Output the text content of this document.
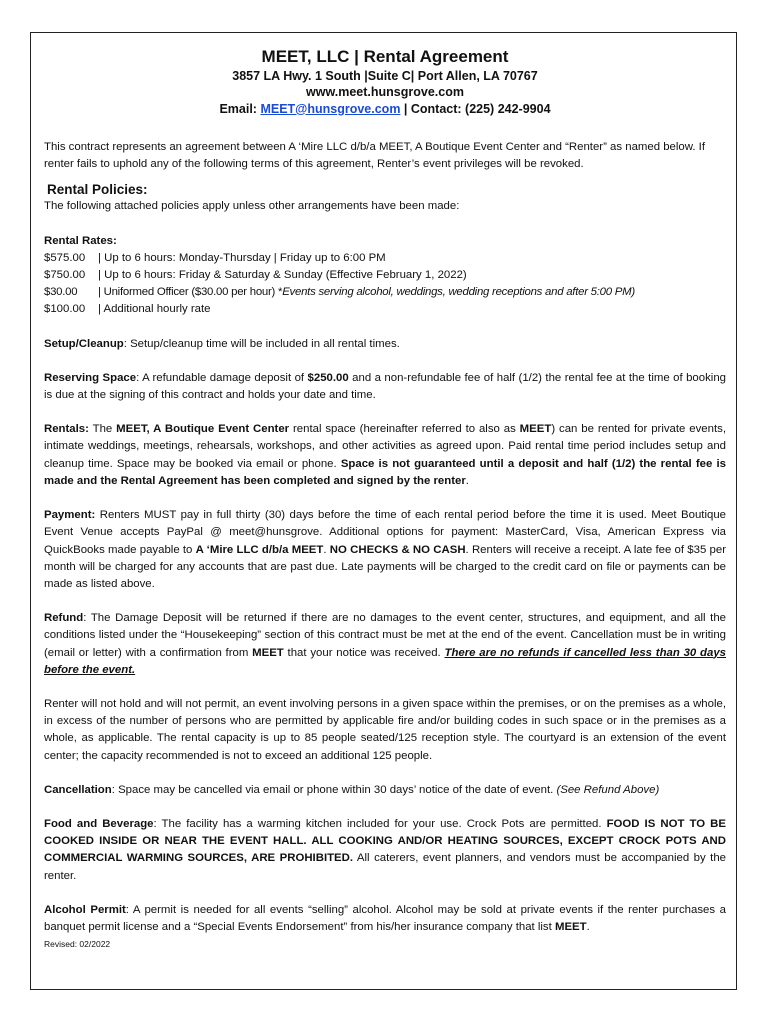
MEET, LLC | Rental Agreement
3857 LA Hwy. 1 South |Suite C| Port Allen, LA 70767
www.meet.hunsgrove.com
Email: MEET@hunsgrove.com | Contact: (225) 242-9904

This contract represents an agreement between A ‘Mire LLC d/b/a MEET, A Boutique Event Center and “Renter” as named below. If renter fails to uphold any of the following terms of this agreement, Renter’s event privileges will be revoked.

Rental Policies:

The following attached policies apply unless other arrangements have been made:

Rental Rates:

$575.00 | Up to 6 hours: Monday-Thursday | Friday up to 6:00 PM
$750.00 | Up to 6 hours: Friday & Saturday & Sunday (Effective February 1, 2022)
$30.00 | Uniformed Officer ($30.00 per hour) *Events serving alcohol, weddings, wedding receptions and after 5:00 PM)
$100.00 | Additional hourly rate

Setup/Cleanup: Setup/cleanup time will be included in all rental times.

Reserving Space: A refundable damage deposit of $250.00 and a non-refundable fee of half (1/2) the rental fee at the time of booking is due at the signing of this contract and holds your date and time.

Rentals: The MEET, A Boutique Event Center rental space (hereinafter referred to also as MEET) can be rented for private events, intimate weddings, meetings, rehearsals, workshops, and other activities as agreed upon. Paid rental time period includes setup and cleanup time. Space may be booked via email or phone. Space is not guaranteed until a deposit and half (1/2) the rental fee is made and the Rental Agreement has been completed and signed by the renter.

Payment: Renters MUST pay in full thirty (30) days before the time of each rental period before the time it is used. Meet Boutique Event Venue accepts PayPal @ meet@hunsgrove. Additional options for payment: MasterCard, Visa, American Express via QuickBooks made payable to A ‘Mire LLC d/b/a MEET. NO CHECKS & NO CASH. Renters will receive a receipt. A late fee of $35 per month will be charged for any accounts that are past due. Late payments will be charged to the credit card on file or payments can be made as listed above.

Refund: The Damage Deposit will be returned if there are no damages to the event center, structures, and equipment, and all the conditions listed under the “Housekeeping” section of this contract must be met at the end of the event. Cancellation must be in writing (email or letter) with a confirmation from MEET that your notice was received. There are no refunds if cancelled less than 30 days before the event.

Renter will not hold and will not permit, an event involving persons in a given space within the premises, or on the premises as a whole, in excess of the number of persons who are permitted by applicable fire and/or building codes in such space or in the premises as a whole, as applicable. The rental capacity is up to 85 people seated/125 reception style. The courtyard is an extension of the event center; the capacity recommended is not to exceed an additional 125 people.

Cancellation: Space may be cancelled via email or phone within 30 days’ notice of the date of event. (See Refund Above)

Food and Beverage: The facility has a warming kitchen included for your use. Crock Pots are permitted. FOOD IS NOT TO BE COOKED INSIDE OR NEAR THE EVENT HALL. ALL COOKING AND/OR HEATING SOURCES, EXCEPT CROCK POTS AND COMMERCIAL WARMING SOURCES, ARE PROHIBITED. All caterers, event planners, and vendors must be accompanied by the renter.

Alcohol Permit: A permit is needed for all events “selling” alcohol. Alcohol may be sold at private events if the renter purchases a banquet permit license and a “Special Events Endorsement” from his/her insurance company that list MEET.

Revised: 02/2022
